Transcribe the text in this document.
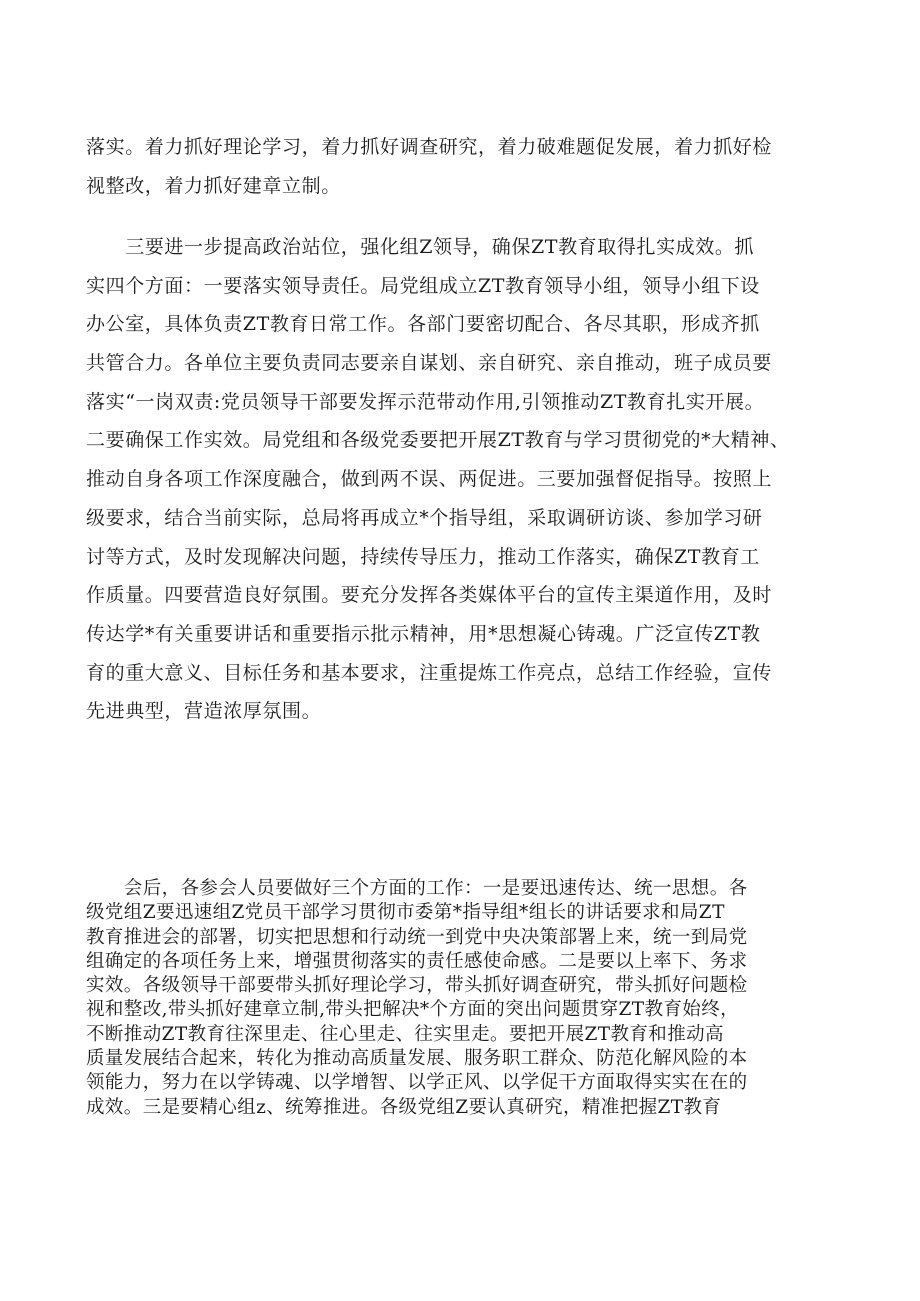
落实。着力抓好理论学习，着力抓好调查研究，着力破难题促发展，着力抓好检
视整改，着力抓好建章立制。
　　三要进一步提高政治站位，强化组Z领导，确保ZT教育取得扎实成效。抓
实四个方面：一要落实领导责任。局党组成立ZT教育领导小组，领导小组下设
办公室，具体负责ZT教育日常工作。各部门要密切配合、各尽其职，形成齐抓
共管合力。各单位主要负责同志要亲自谋划、亲自研究、亲自推动，班子成员要
落实“一岗双责:党员领导干部要发挥示范带动作用,引领推动ZT教育扎实开展。
二要确保工作实效。局党组和各级党委要把开展ZT教育与学习贯彻党的*大精神、
推动自身各项工作深度融合，做到两不误、两促进。三要加强督促指导。按照上
级要求，结合当前实际，总局将再成立*个指导组，采取调研访谈、参加学习研
讨等方式，及时发现解决问题，持续传导压力，推动工作落实，确保ZT教育工
作质量。四要营造良好氛围。要充分发挥各类媒体平台的宣传主渠道作用，及时
传达学*有关重要讲话和重要指示批示精神，用*思想凝心铸魂。广泛宣传ZT教
育的重大意义、目标任务和基本要求，注重提炼工作亮点，总结工作经验，宣传
先进典型，营造浓厚氛围。
　　会后，各参会人员要做好三个方面的工作：一是要迅速传达、统一思想。各
级党组Z要迅速组Z党员干部学习贯彻市委第*指导组*组长的讲话要求和局ZT
教育推进会的部署，切实把思想和行动统一到党中央决策部署上来，统一到局党
组确定的各项任务上来，增强贯彻落实的责任感使命感。二是要以上率下、务求
实效。各级领导干部要带头抓好理论学习，带头抓好调查研究，带头抓好问题检
视和整改,带头抓好建章立制,带头把解决*个方面的突出问题贯穿ZT教育始终，
不断推动ZT教育往深里走、往心里走、往实里走。要把开展ZT教育和推动高
质量发展结合起来，转化为推动高质量发展、服务职工群众、防范化解风险的本
领能力，努力在以学铸魂、以学增智、以学正风、以学促干方面取得实实在在的
成效。三是要精心组z、统筹推进。各级党组Z要认真研究，精准把握ZT教育
